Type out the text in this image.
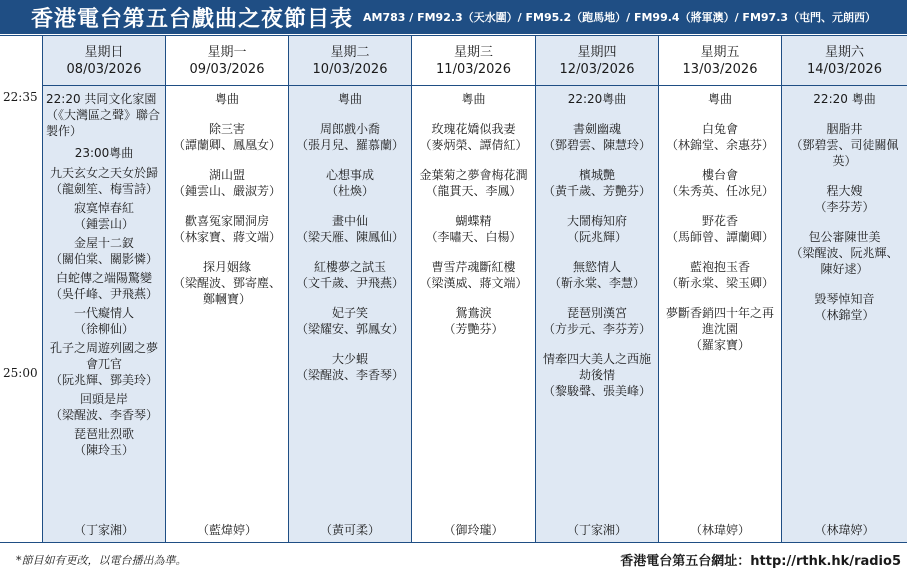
香港電台第五台戲曲之夜節目表 AM783 / FM92.3（天水圍）/ FM95.2（跑馬地）/ FM99.4（將軍澳）/ FM97.3（屯門、元朗西）
22:35
25:00
星期日
08/03/2026
22:20 共同文化家園（《大灣區之聲》聯合製作）
23:00粵曲
九天玄女之天女於歸
（龍劍笙、梅雪詩）
寂寞悼春紅
（鍾雲山）
金屋十二釵
（關伯棠、關影憐）
白蛇傳之端陽驚變
（吳仟峰、尹飛燕）
一代癡情人
（徐柳仙）
孔子之周遊列國之夢會兀官
（阮兆輝、鄧美玲）
回頭是岸
（梁醒波、李香琴）
琵琶壯烈歌
（陳玲玉）
（丁家湘）
星期一
09/03/2026
粵曲
除三害
（譚蘭卿、鳳凰女）
湖山盟
（鍾雲山、嚴淑芳）
歡喜冤家鬧洞房
（林家寶、蔣文端）
探月姻緣
（梁醒波、鄧寄塵、鄭幗寶）
（藍煒婷）
星期二
10/03/2026
粵曲
周郎戲小喬
（張月兒、羅慕蘭）
心想事成
（杜煥）
畫中仙
（梁天雁、陳鳳仙）
紅樓夢之試玉
（文千歲、尹飛燕）
妃子笑
（梁耀安、郭鳳女）
大少蝦
（梁醒波、李香琴）
（黃可柔）
星期三
11/03/2026
粵曲
玫瑰花嬌似我妻
（麥炳榮、譚倩紅）
金葉菊之夢會梅花澗
（龍貫天、李鳳）
蝴蝶精
（李嘯天、白楊）
曹雪芹魂斷紅樓
（梁漢威、蔣文端）
鴛鴦淚
（芳艷芬）
（御玲瓏）
星期四
12/03/2026
22:20粵曲
書劍幽魂
（鄧碧雲、陳慧玲）
檳城艷
（黃千歲、芳艷芬）
大鬧梅知府
（阮兆輝）
無慾情人
（靳永棠、李慧）
琵琶別漢宮
（方步元、李芬芳）
情牽四大美人之西施劫後情
（黎駿聲、張美峰）
（丁家湘）
星期五
13/03/2026
粵曲
白兔會
（林錦堂、余惠芬）
樓台會
（朱秀英、任冰兒）
野花香
（馬師曾、譚蘭卿）
藍袍抱玉香
（靳永棠、梁玉卿）
夢斷香銷四十年之再進沈園
（羅家寶）
（林瑋婷）
星期六
14/03/2026
22:20 粵曲
胭脂井
（鄧碧雲、司徒關佩英）
程大嫂
（李芬芳）
包公審陳世美
（梁醒波、阮兆輝、陳好逑）
毀琴悼知音
（林錦堂）
（林瑋婷）
*節目如有更改，以電台播出為準。	香港電台第五台網址：http://rthk.hk/radio5
